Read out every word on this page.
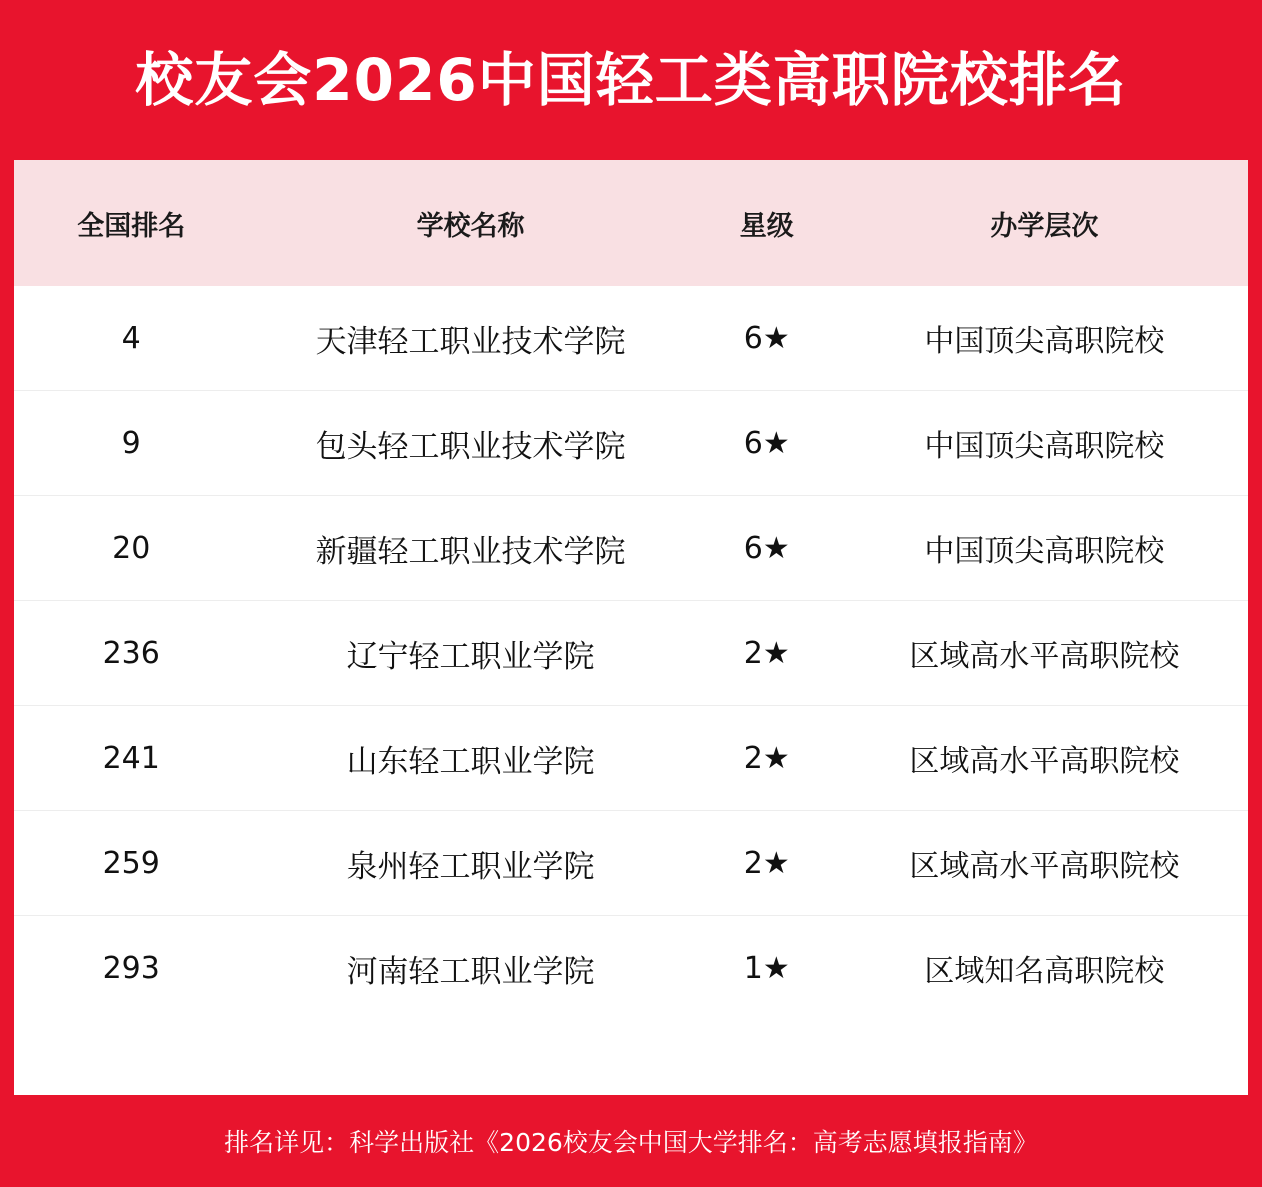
校友会2026中国轻工类高职院校排名
全国排名	学校名称	星级	办学层次
4	天津轻工职业技术学院	6★	中国顶尖高职院校
9	包头轻工职业技术学院	6★	中国顶尖高职院校
20	新疆轻工职业技术学院	6★	中国顶尖高职院校
236	辽宁轻工职业学院	2★	区域高水平高职院校
241	山东轻工职业学院	2★	区域高水平高职院校
259	泉州轻工职业学院	2★	区域高水平高职院校
293	河南轻工职业学院	1★	区域知名高职院校
排名详见：科学出版社《2026校友会中国大学排名：高考志愿填报指南》
